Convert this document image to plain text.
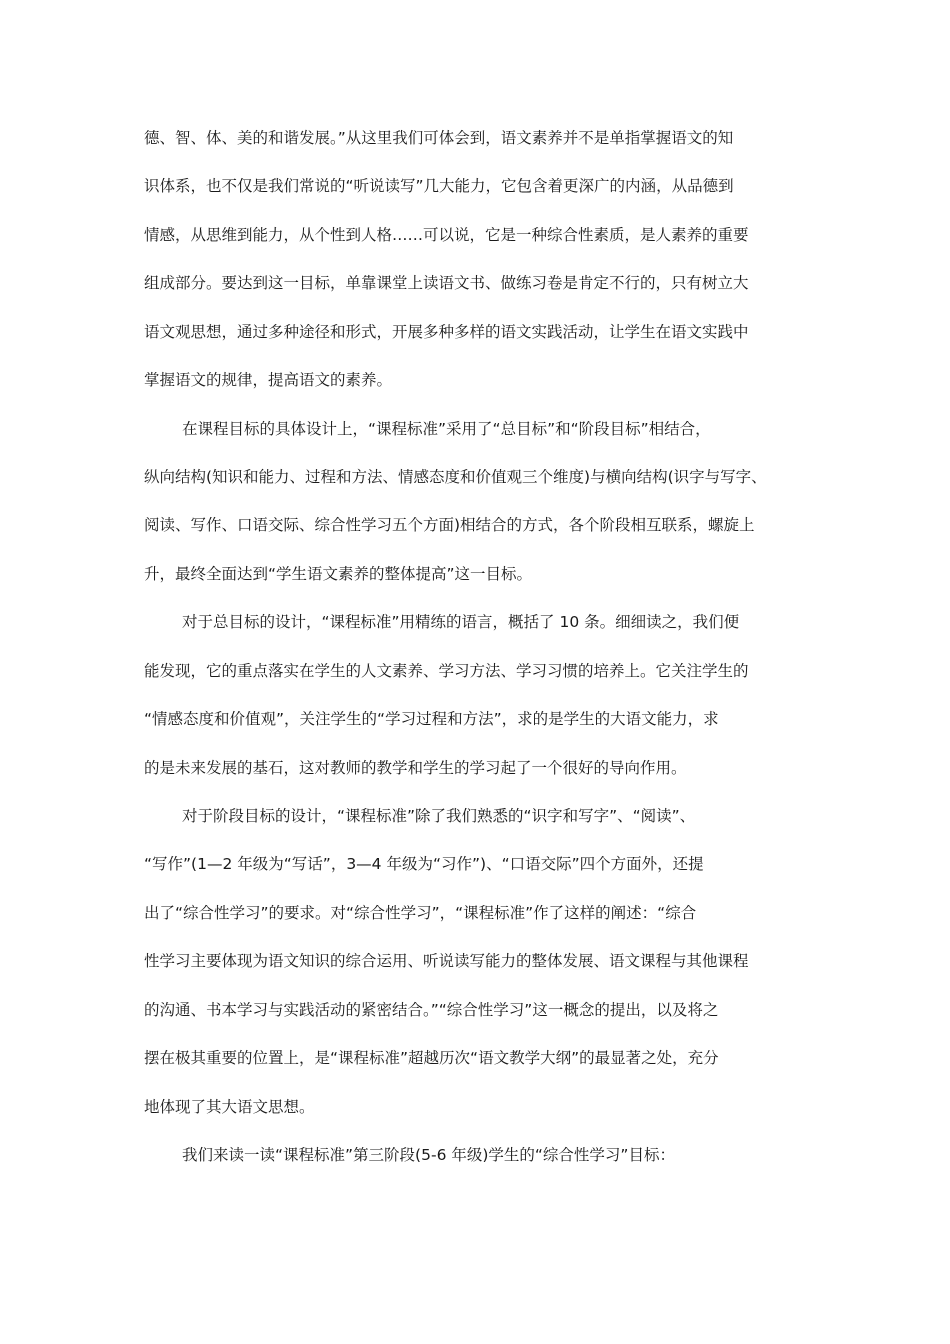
德、智、体、美的和谐发展。”从这里我们可体会到，语文素养并不是单指掌握语文的知
识体系，也不仅是我们常说的“听说读写”几大能力，它包含着更深广的内涵，从品德到
情感，从思维到能力，从个性到人格……可以说，它是一种综合性素质，是人素养的重要
组成部分。要达到这一目标，单靠课堂上读语文书、做练习卷是肯定不行的，只有树立大
语文观思想，通过多种途径和形式，开展多种多样的语文实践活动，让学生在语文实践中
掌握语文的规律，提高语文的素养。
在课程目标的具体设计上，“课程标准”采用了“总目标”和“阶段目标”相结合，
纵向结构(知识和能力、过程和方法、情感态度和价值观三个维度)与横向结构(识字与写字、
阅读、写作、口语交际、综合性学习五个方面)相结合的方式，各个阶段相互联系，螺旋上
升，最终全面达到“学生语文素养的整体提高”这一目标。
对于总目标的设计，“课程标准”用精练的语言，概括了 10 条。细细读之，我们便
能发现，它的重点落实在学生的人文素养、学习方法、学习习惯的培养上。它关注学生的
“情感态度和价值观”，关注学生的“学习过程和方法”，求的是学生的大语文能力，求
的是未来发展的基石，这对教师的教学和学生的学习起了一个很好的导向作用。
对于阶段目标的设计，“课程标准”除了我们熟悉的“识字和写字”、“阅读”、
“写作”(1—2 年级为“写话”，3—4 年级为“习作”)、“口语交际”四个方面外，还提
出了“综合性学习”的要求。对“综合性学习”，“课程标准”作了这样的阐述：“综合
性学习主要体现为语文知识的综合运用、听说读写能力的整体发展、语文课程与其他课程
的沟通、书本学习与实践活动的紧密结合。”“综合性学习”这一概念的提出，以及将之
摆在极其重要的位置上，是“课程标准”超越历次“语文教学大纲”的最显著之处，充分
地体现了其大语文思想。
我们来读一读“课程标准”第三阶段(5-6 年级)学生的“综合性学习”目标：
